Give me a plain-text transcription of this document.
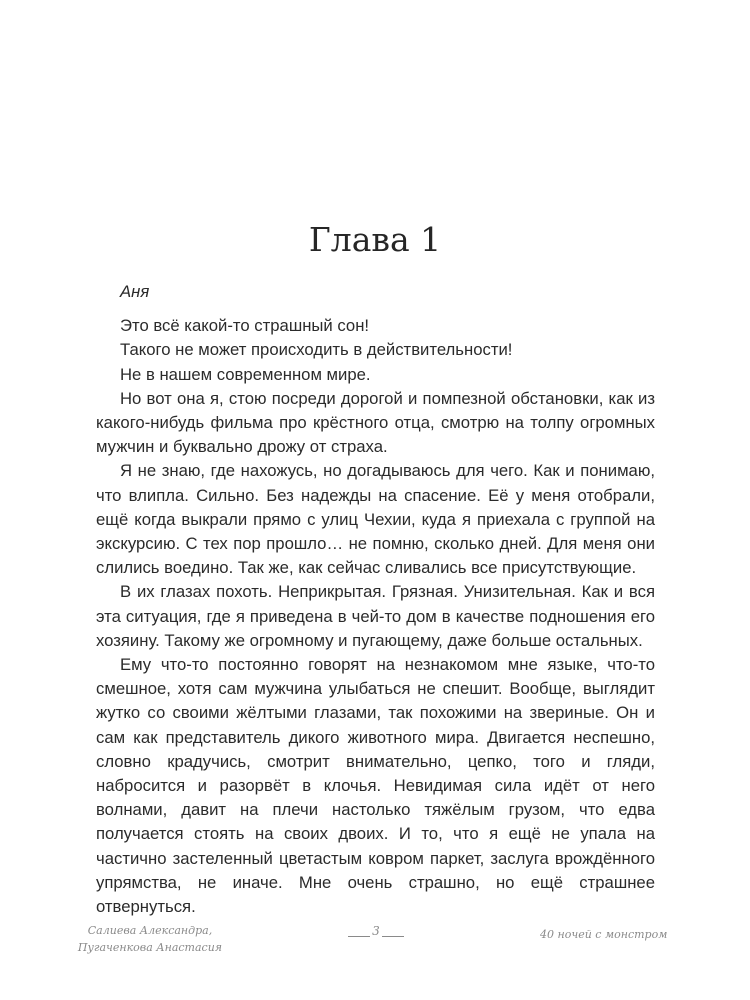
Глава 1

Аня

Это всё какой-то страшный сон!

Такого не может происходить в действительности!

Не в нашем современном мире.

Но вот она я, стою посреди дорогой и помпезной обстановки, как из какого-нибудь фильма про крёстного отца, смотрю на толпу огромных мужчин и буквально дрожу от страха.

Я не знаю, где нахожусь, но догадываюсь для чего. Как и понимаю, что влипла. Сильно. Без надежды на спасение. Её у меня отобрали, ещё когда выкрали прямо с улиц Чехии, куда я приехала с группой на экскурсию. С тех пор прошло… не помню, сколько дней. Для меня они слились воедино. Так же, как сейчас сливались все присутствующие.

В их глазах похоть. Неприкрытая. Грязная. Унизительная. Как и вся эта ситуация, где я приведена в чей-то дом в качестве подношения его хозяину. Такому же огромному и пугающему, даже больше остальных.

Ему что-то постоянно говорят на незнакомом мне языке, что-то смешное, хотя сам мужчина улыбаться не спешит. Вообще, выглядит жутко со своими жёлтыми глазами, так похожими на звериные. Он и сам как представитель дикого животного мира. Двигается неспешно, словно крадучись, смотрит внимательно, цепко, того и гляди, набросится и разорвёт в клочья. Невидимая сила идёт от него волнами, давит на плечи настолько тяжёлым грузом, что едва получается стоять на своих двоих. И то, что я ещё не упала на частично застеленный цветастым ковром паркет, заслуга врождённого упрямства, не иначе. Мне очень страшно, но ещё страшнее отвернуться.

Салиева Александра,
Пугаченкова Анастасия
3	40 ночей с монстром
